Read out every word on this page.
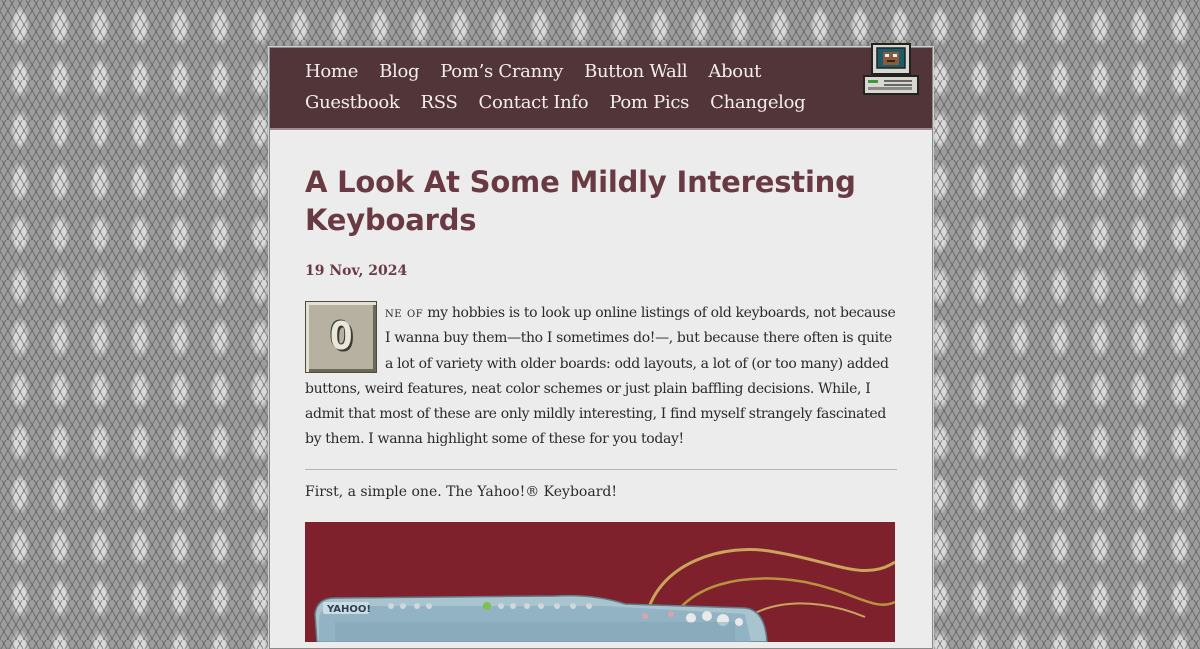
Home Blog Pom’s Cranny Button Wall About
Guestbook RSS Contact Info Pom Pics Changelog
A Look At Some Mildly Interesting Keyboards
19 Nov, 2024

O
ne of my hobbies is to look up online listings of old keyboards, not because I wanna buy them—tho I sometimes do!—, but because there often is quite a lot of variety with older boards: odd layouts, a lot of (or too many) added buttons, weird features, neat color schemes or just plain baffling decisions. While, I admit that most of these are only mildly interesting, I find myself strangely fascinated by them. I wanna highlight some of these for you today!

First, a simple one. The Yahoo!® Keyboard!
YAHOO!
